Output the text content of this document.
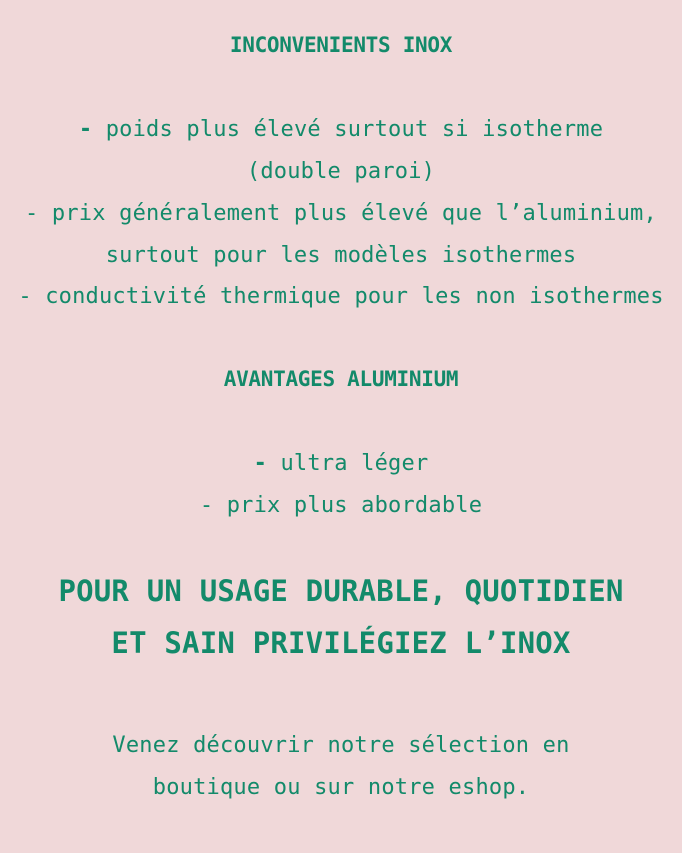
INCONVENIENTS INOX
- poids plus élevé surtout si isotherme
(double paroi)
- prix généralement plus élevé que l’aluminium,
surtout pour les modèles isothermes
- conductivité thermique pour les non isothermes
AVANTAGES ALUMINIUM
- ultra léger
- prix plus abordable
POUR UN USAGE DURABLE, QUOTIDIEN
ET SAIN PRIVILÉGIEZ L’INOX
Venez découvrir notre sélection en
boutique ou sur notre eshop.
